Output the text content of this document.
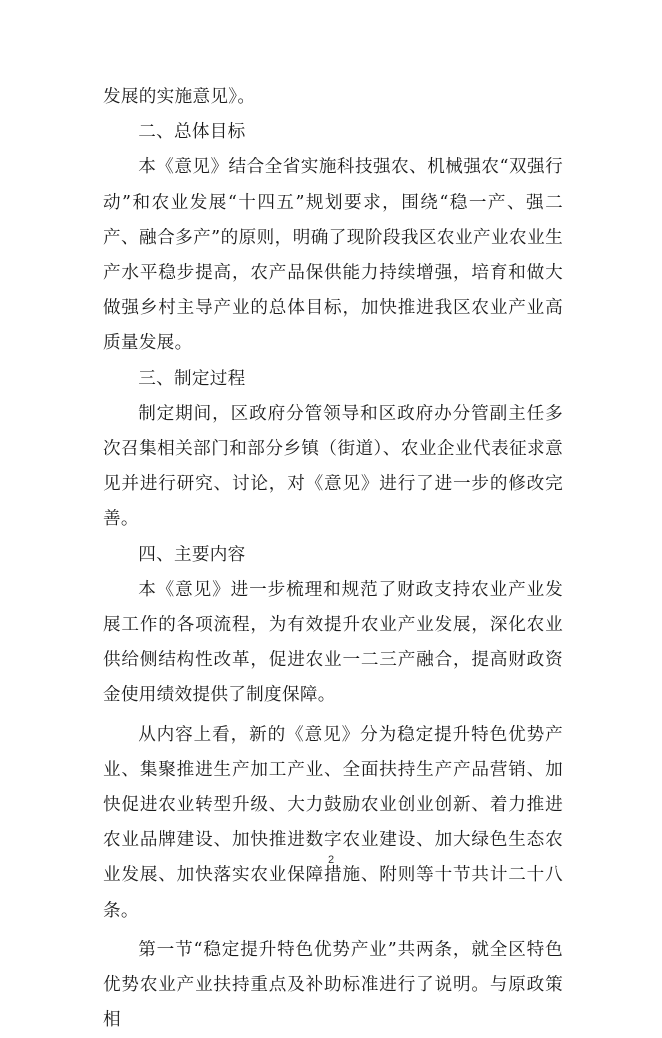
发展的实施意见》。

二、总体目标

本《意见》结合全省实施科技强农、机械强农“双强行动”和农业发展“十四五”规划要求，围绕“稳一产、强二产、融合多产”的原则，明确了现阶段我区农业产业农业生产水平稳步提高，农产品保供能力持续增强，培育和做大做强乡村主导产业的总体目标，加快推进我区农业产业高质量发展。

三、制定过程

制定期间，区政府分管领导和区政府办分管副主任多次召集相关部门和部分乡镇（街道）、农业企业代表征求意见并进行研究、讨论，对《意见》进行了进一步的修改完善。

四、主要内容

本《意见》进一步梳理和规范了财政支持农业产业发展工作的各项流程，为有效提升农业产业发展，深化农业供给侧结构性改革，促进农业一二三产融合，提高财政资金使用绩效提供了制度保障。

从内容上看，新的《意见》分为稳定提升特色优势产业、集聚推进生产加工产业、全面扶持生产产品营销、加快促进农业转型升级、大力鼓励农业创业创新、着力推进农业品牌建设、加快推进数字农业建设、加大绿色生态农业发展、加快落实农业保障措施、附则等十节共计二十八条。

第一节“稳定提升特色优势产业”共两条，就全区特色优势农业产业扶持重点及补助标准进行了说明。与原政策相

2
